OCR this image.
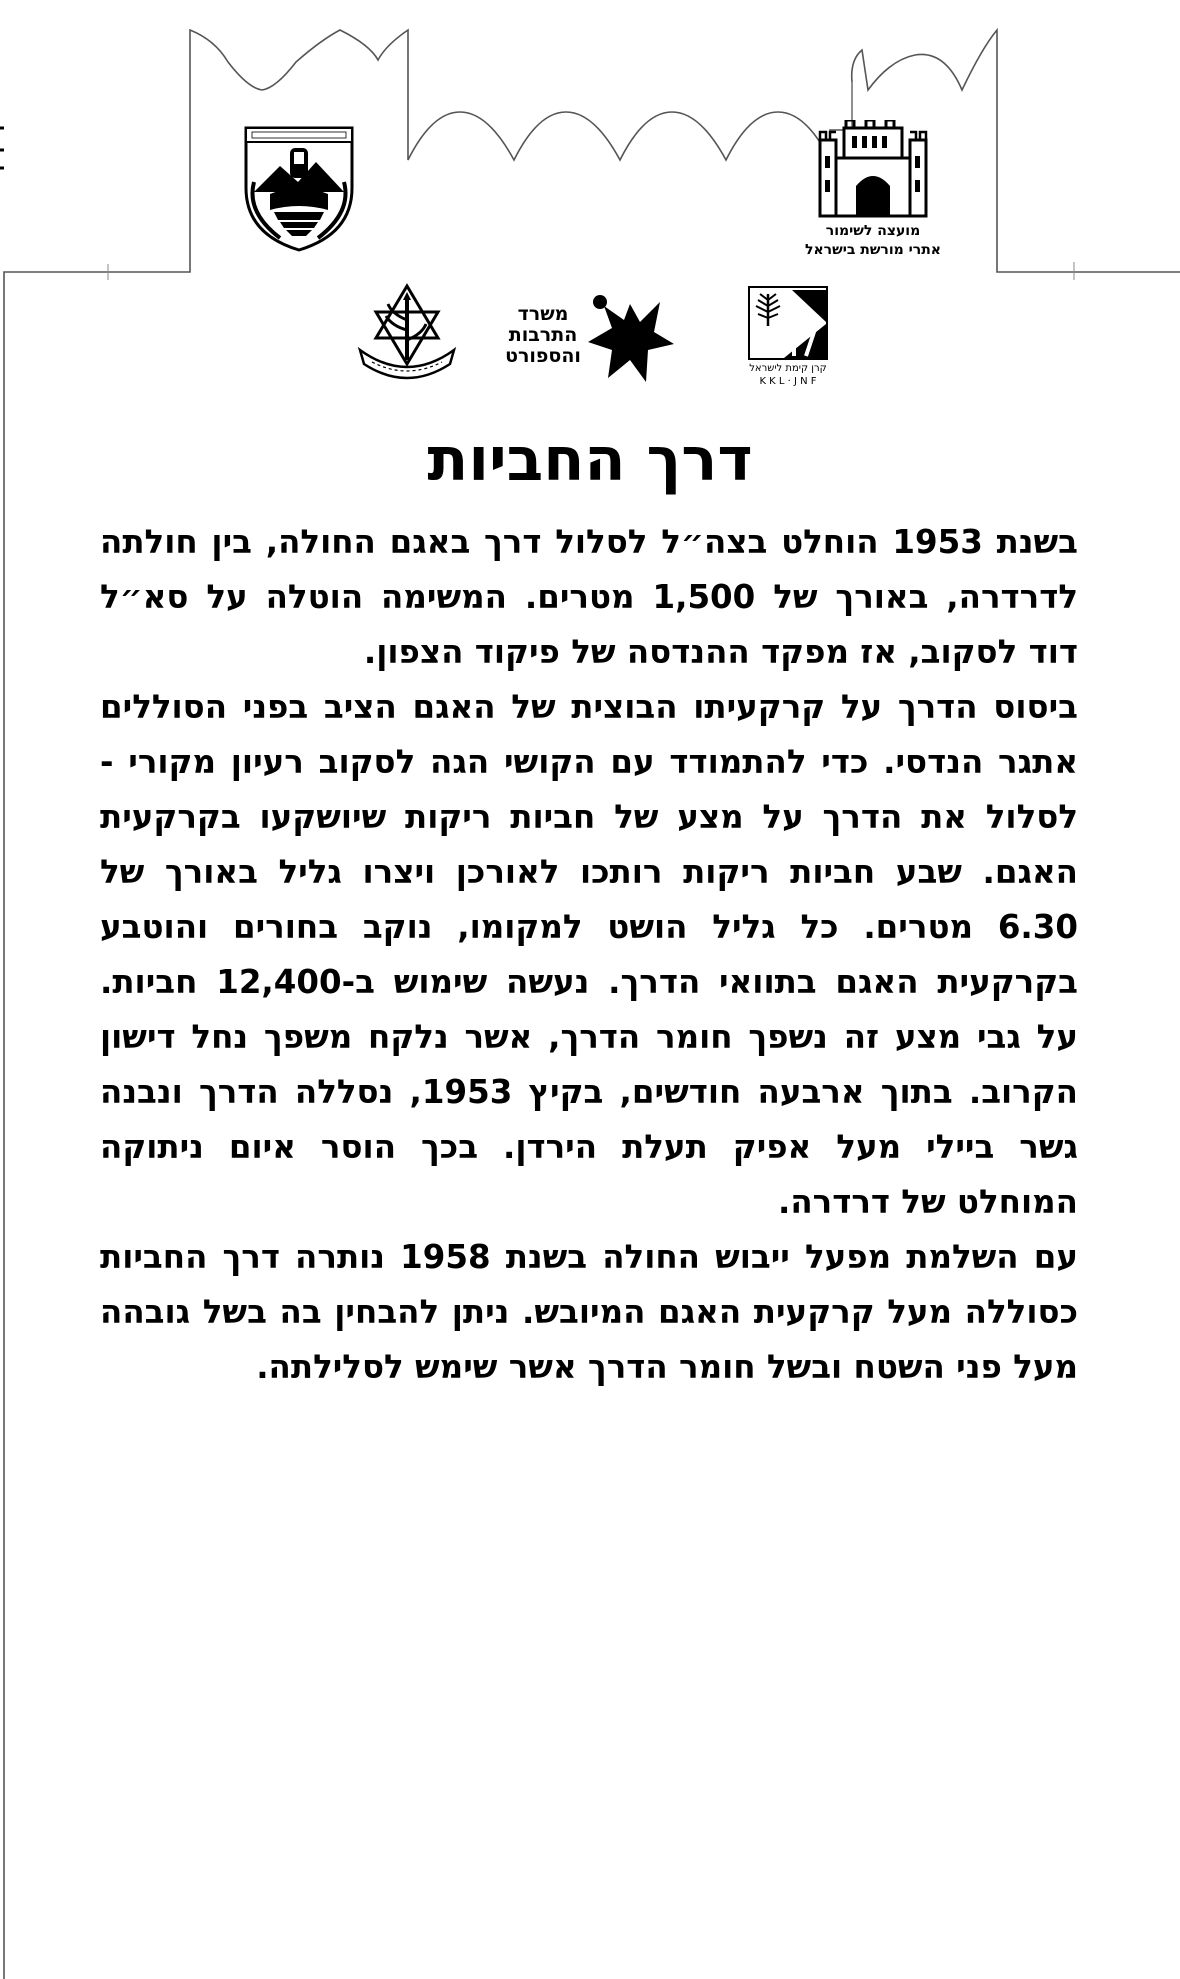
מועצה לשימור
אתרי מורשת בישראל
משרד
התרבות
והספורט
קרן קימת לישראל
K K L · J N F
דרך החביות

בשנת 1953 הוחלט בצה״ל לסלול דרך באגם החולה, בין חולתה לדרדרה, באורך של 1,500 מטרים. המשימה הוטלה על סא״ל דוד לסקוב, אז מפקד ההנדסה של פיקוד הצפון.

ביסוס הדרך על קרקעיתו הבוצית של האגם הציב בפני הסוללים אתגר הנדסי. כדי להתמודד עם הקושי הגה לסקוב רעיון מקורי - לסלול את הדרך על מצע של חביות ריקות שיושקעו בקרקעית האגם. שבע חביות ריקות רותכו לאורכן ויצרו גליל באורך של 6.30 מטרים. כל גליל הושט למקומו, נוקב בחורים והוטבע בקרקעית האגם בתוואי הדרך. נעשה שימוש ב-12,400 חביות. על גבי מצע זה נשפך חומר הדרך, אשר נלקח משפך נחל דישון הקרוב. בתוך ארבעה חודשים, בקיץ 1953, נסללה הדרך ונבנה גשר ביילי מעל אפיק תעלת הירדן. בכך הוסר איום ניתוקה המוחלט של דרדרה.

עם השלמת מפעל ייבוש החולה בשנת 1958 נותרה דרך החביות כסוללה מעל קרקעית האגם המיובש. ניתן להבחין בה בשל גובהה מעל פני השטח ובשל חומר הדרך אשר שימש לסלילתה.
